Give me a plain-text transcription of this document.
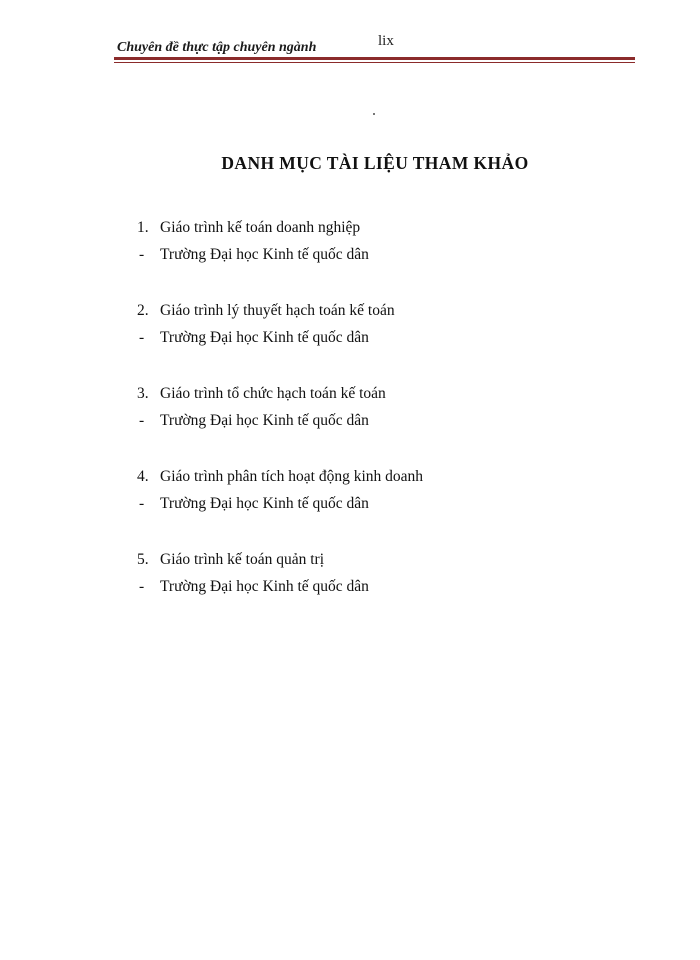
Chuyên đề thực tập chuyên ngành	lix
DANH MỤC TÀI LIỆU THAM KHẢO
1. Giáo trình kế toán doanh nghiệp
- Trường Đại học Kinh tế quốc dân
2. Giáo trình lý thuyết hạch toán kế toán
- Trường Đại học Kinh tế quốc dân
3. Giáo trình tổ chức hạch toán kế toán
- Trường Đại học Kinh tế quốc dân
4. Giáo trình phân tích hoạt động kinh doanh
- Trường Đại học Kinh tế quốc dân
5. Giáo trình kế toán quản trị
- Trường Đại học Kinh tế quốc dân
